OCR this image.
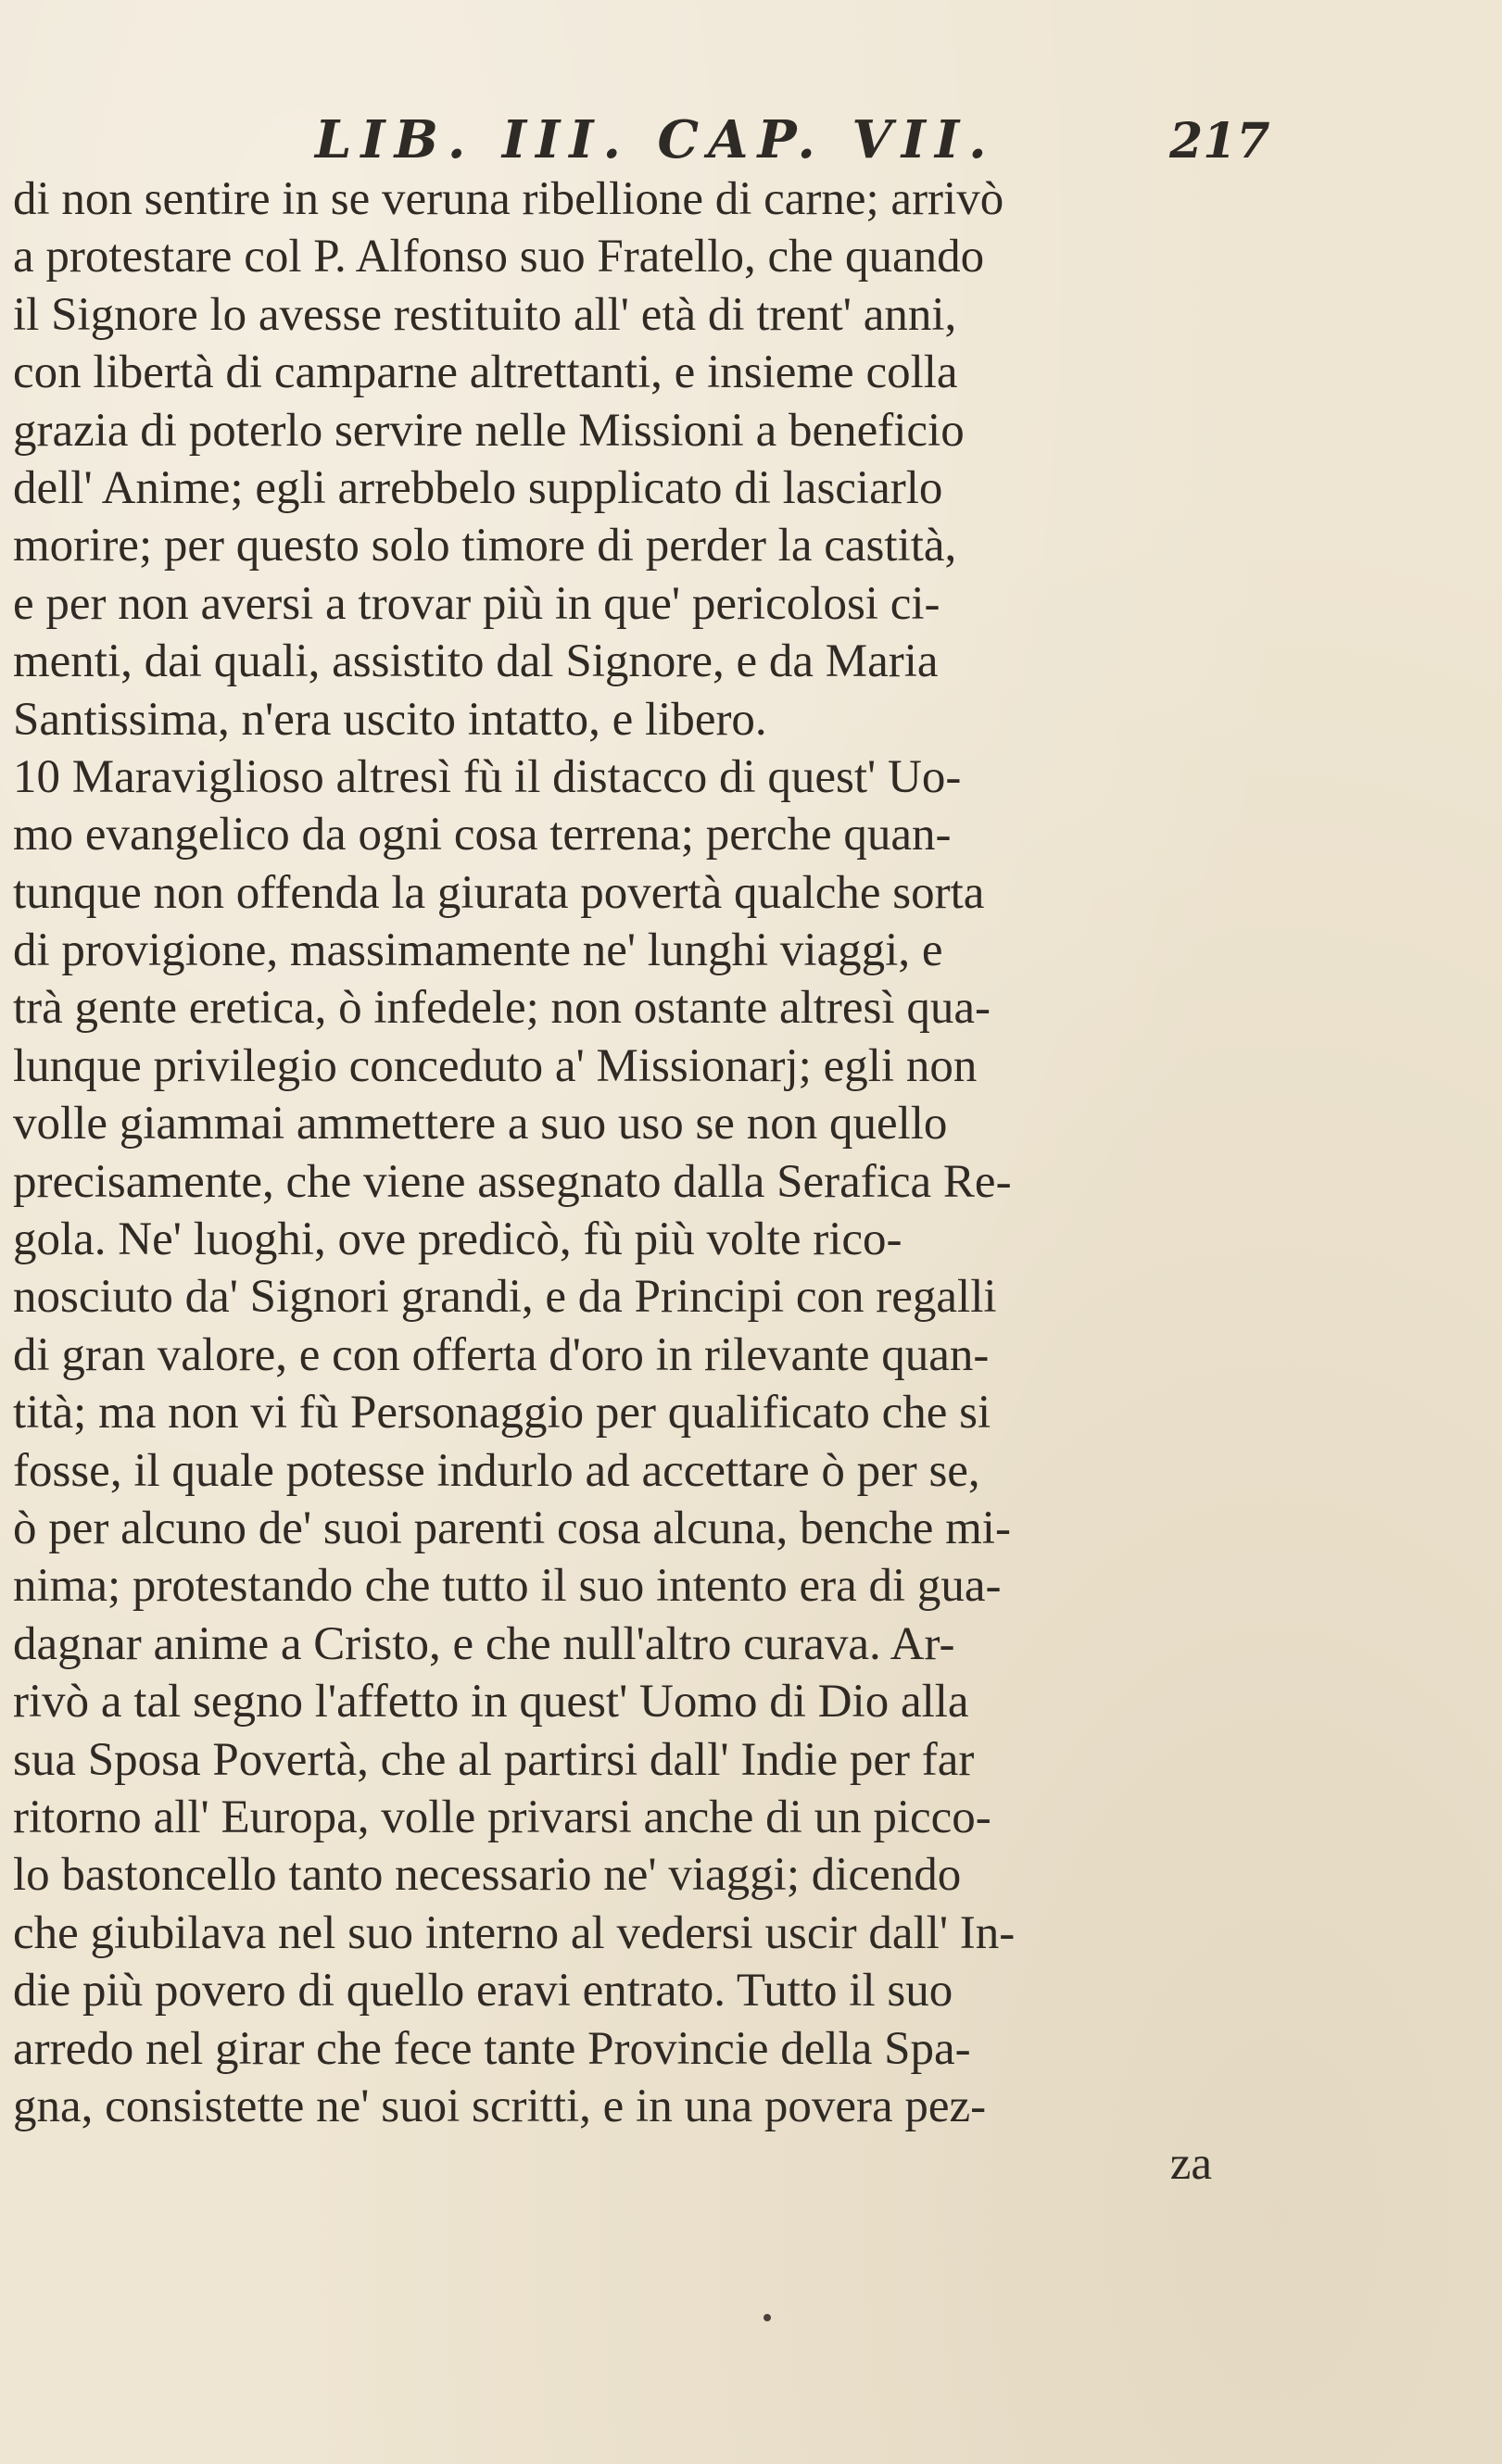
LIB. III. CAP. VII.	217
di non sentire in se veruna ribellione di carne; arrivò
a protestare col P. Alfonso suo Fratello, che quando
il Signore lo avesse restituito all' età di trent' anni,
con libertà di camparne altrettanti, e insieme colla
grazia di poterlo servire nelle Missioni a beneficio
dell' Anime; egli arrebbelo supplicato di lasciarlo
morire; per questo solo timore di perder la castità,
e per non aversi a trovar più in que' pericolosi ci-
menti, dai quali, assistito dal Signore, e da Maria
Santissima, n'era uscito intatto, e libero.
10 Maraviglioso altresì fù il distacco di quest' Uo-
mo evangelico da ogni cosa terrena; perche quan-
tunque non offenda la giurata povertà qualche sorta
di provigione, massimamente ne' lunghi viaggi, e
trà gente eretica, ò infedele; non ostante altresì qua-
lunque privilegio conceduto a' Missionarj; egli non
volle giammai ammettere a suo uso se non quello
precisamente, che viene assegnato dalla Serafica Re-
gola. Ne' luoghi, ove predicò, fù più volte rico-
nosciuto da' Signori grandi, e da Principi con regalli
di gran valore, e con offerta d'oro in rilevante quan-
tità; ma non vi fù Personaggio per qualificato che si
fosse, il quale potesse indurlo ad accettare ò per se,
ò per alcuno de' suoi parenti cosa alcuna, benche mi-
nima; protestando che tutto il suo intento era di gua-
dagnar anime a Cristo, e che null'altro curava. Ar-
rivò a tal segno l'affetto in quest' Uomo di Dio alla
sua Sposa Povertà, che al partirsi dall' Indie per far
ritorno all' Europa, volle privarsi anche di un picco-
lo bastoncello tanto necessario ne' viaggi; dicendo
che giubilava nel suo interno al vedersi uscir dall' In-
die più povero di quello eravi entrato. Tutto il suo
arredo nel girar che fece tante Provincie della Spa-
gna, consistette ne' suoi scritti, e in una povera pez-
za
